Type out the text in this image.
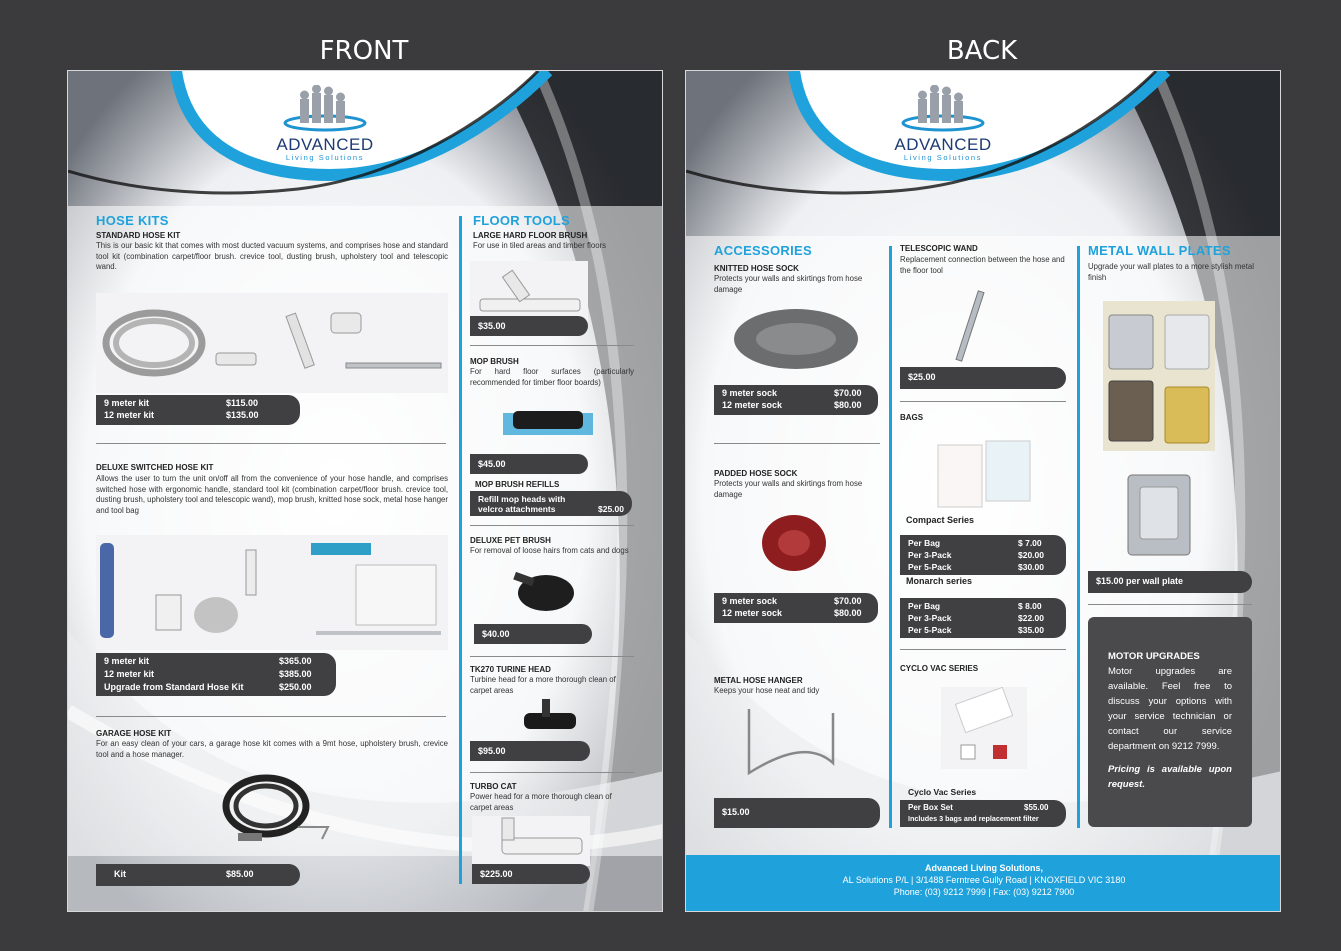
FRONT	BACK
ADVANCED
Living Solutions
HOSE KITS
STANDARD HOSE KIT
This is our basic kit that comes with most ducted vacuum systems, and comprises hose and standard tool kit (combination carpet/floor brush. crevice tool, dusting brush, upholstery tool and telescopic wand.
9 meter kit	$115.00
12 meter kit	$135.00
DELUXE SWITCHED HOSE KIT
Allows the user to turn the unit on/off all from the convenience of your hose handle, and comprises switched hose with ergonomic handle, standard tool kit (combination carpet/floor brush. crevice tool, dusting brush, upholstery tool and telescopic wand), mop brush, knitted hose sock, metal hose hanger and tool bag
9 meter kit	$365.00
12 meter kit	$385.00
Upgrade from Standard Hose Kit	$250.00
GARAGE HOSE KIT
For an easy clean of your cars, a garage hose kit comes with a 9mt hose, upholstery brush, crevice tool and a hose manager.
Kit	$85.00
FLOOR TOOLS
LARGE HARD FLOOR BRUSH
For use in tiled areas and timber floors
$35.00
MOP BRUSH
For hard floor surfaces (particularly recommended for timber floor boards)
$45.00
MOP BRUSH REFILLS
Refill mop heads with
velcro attachments	$25.00
DELUXE PET BRUSH
For removal of loose hairs from cats and dogs
$40.00
TK270 TURINE HEAD
Turbine head for a more thorough clean of carpet areas
$95.00
TURBO CAT
Power head for a more thorough clean of carpet areas
$225.00
ADVANCED
Living Solutions
ACCESSORIES
KNITTED HOSE SOCK
Protects your walls and skirtings from hose damage
9 meter sock	$70.00
12 meter sock	$80.00
PADDED HOSE SOCK
Protects your walls and skirtings from hose damage
9 meter sock	$70.00
12 meter sock	$80.00
METAL HOSE HANGER
Keeps your hose neat and tidy
$15.00
TELESCOPIC WAND
Replacement connection between the hose and the floor tool
$25.00
BAGS
Compact Series
Per Bag	$ 7.00
Per 3-Pack	$20.00
Per 5-Pack	$30.00
Monarch series
Per Bag	$ 8.00
Per 3-Pack	$22.00
Per 5-Pack	$35.00
CYCLO VAC SERIES
Cyclo Vac Series
Per Box Set	$55.00
Includes 3 bags and replacement filter
METAL WALL PLATES
Upgrade your wall plates to a more stylish metal finish
$15.00 per wall plate
MOTOR UPGRADES
Motor upgrades are available. Feel free to discuss your options with your service technician or contact our service department on 9212 7999.
Pricing is available upon request.
Advanced Living Solutions,
AL Solutions P/L | 3/1488 Ferntree Gully Road | KNOXFIELD VIC 3180
Phone: (03) 9212 7999 | Fax: (03) 9212 7900
